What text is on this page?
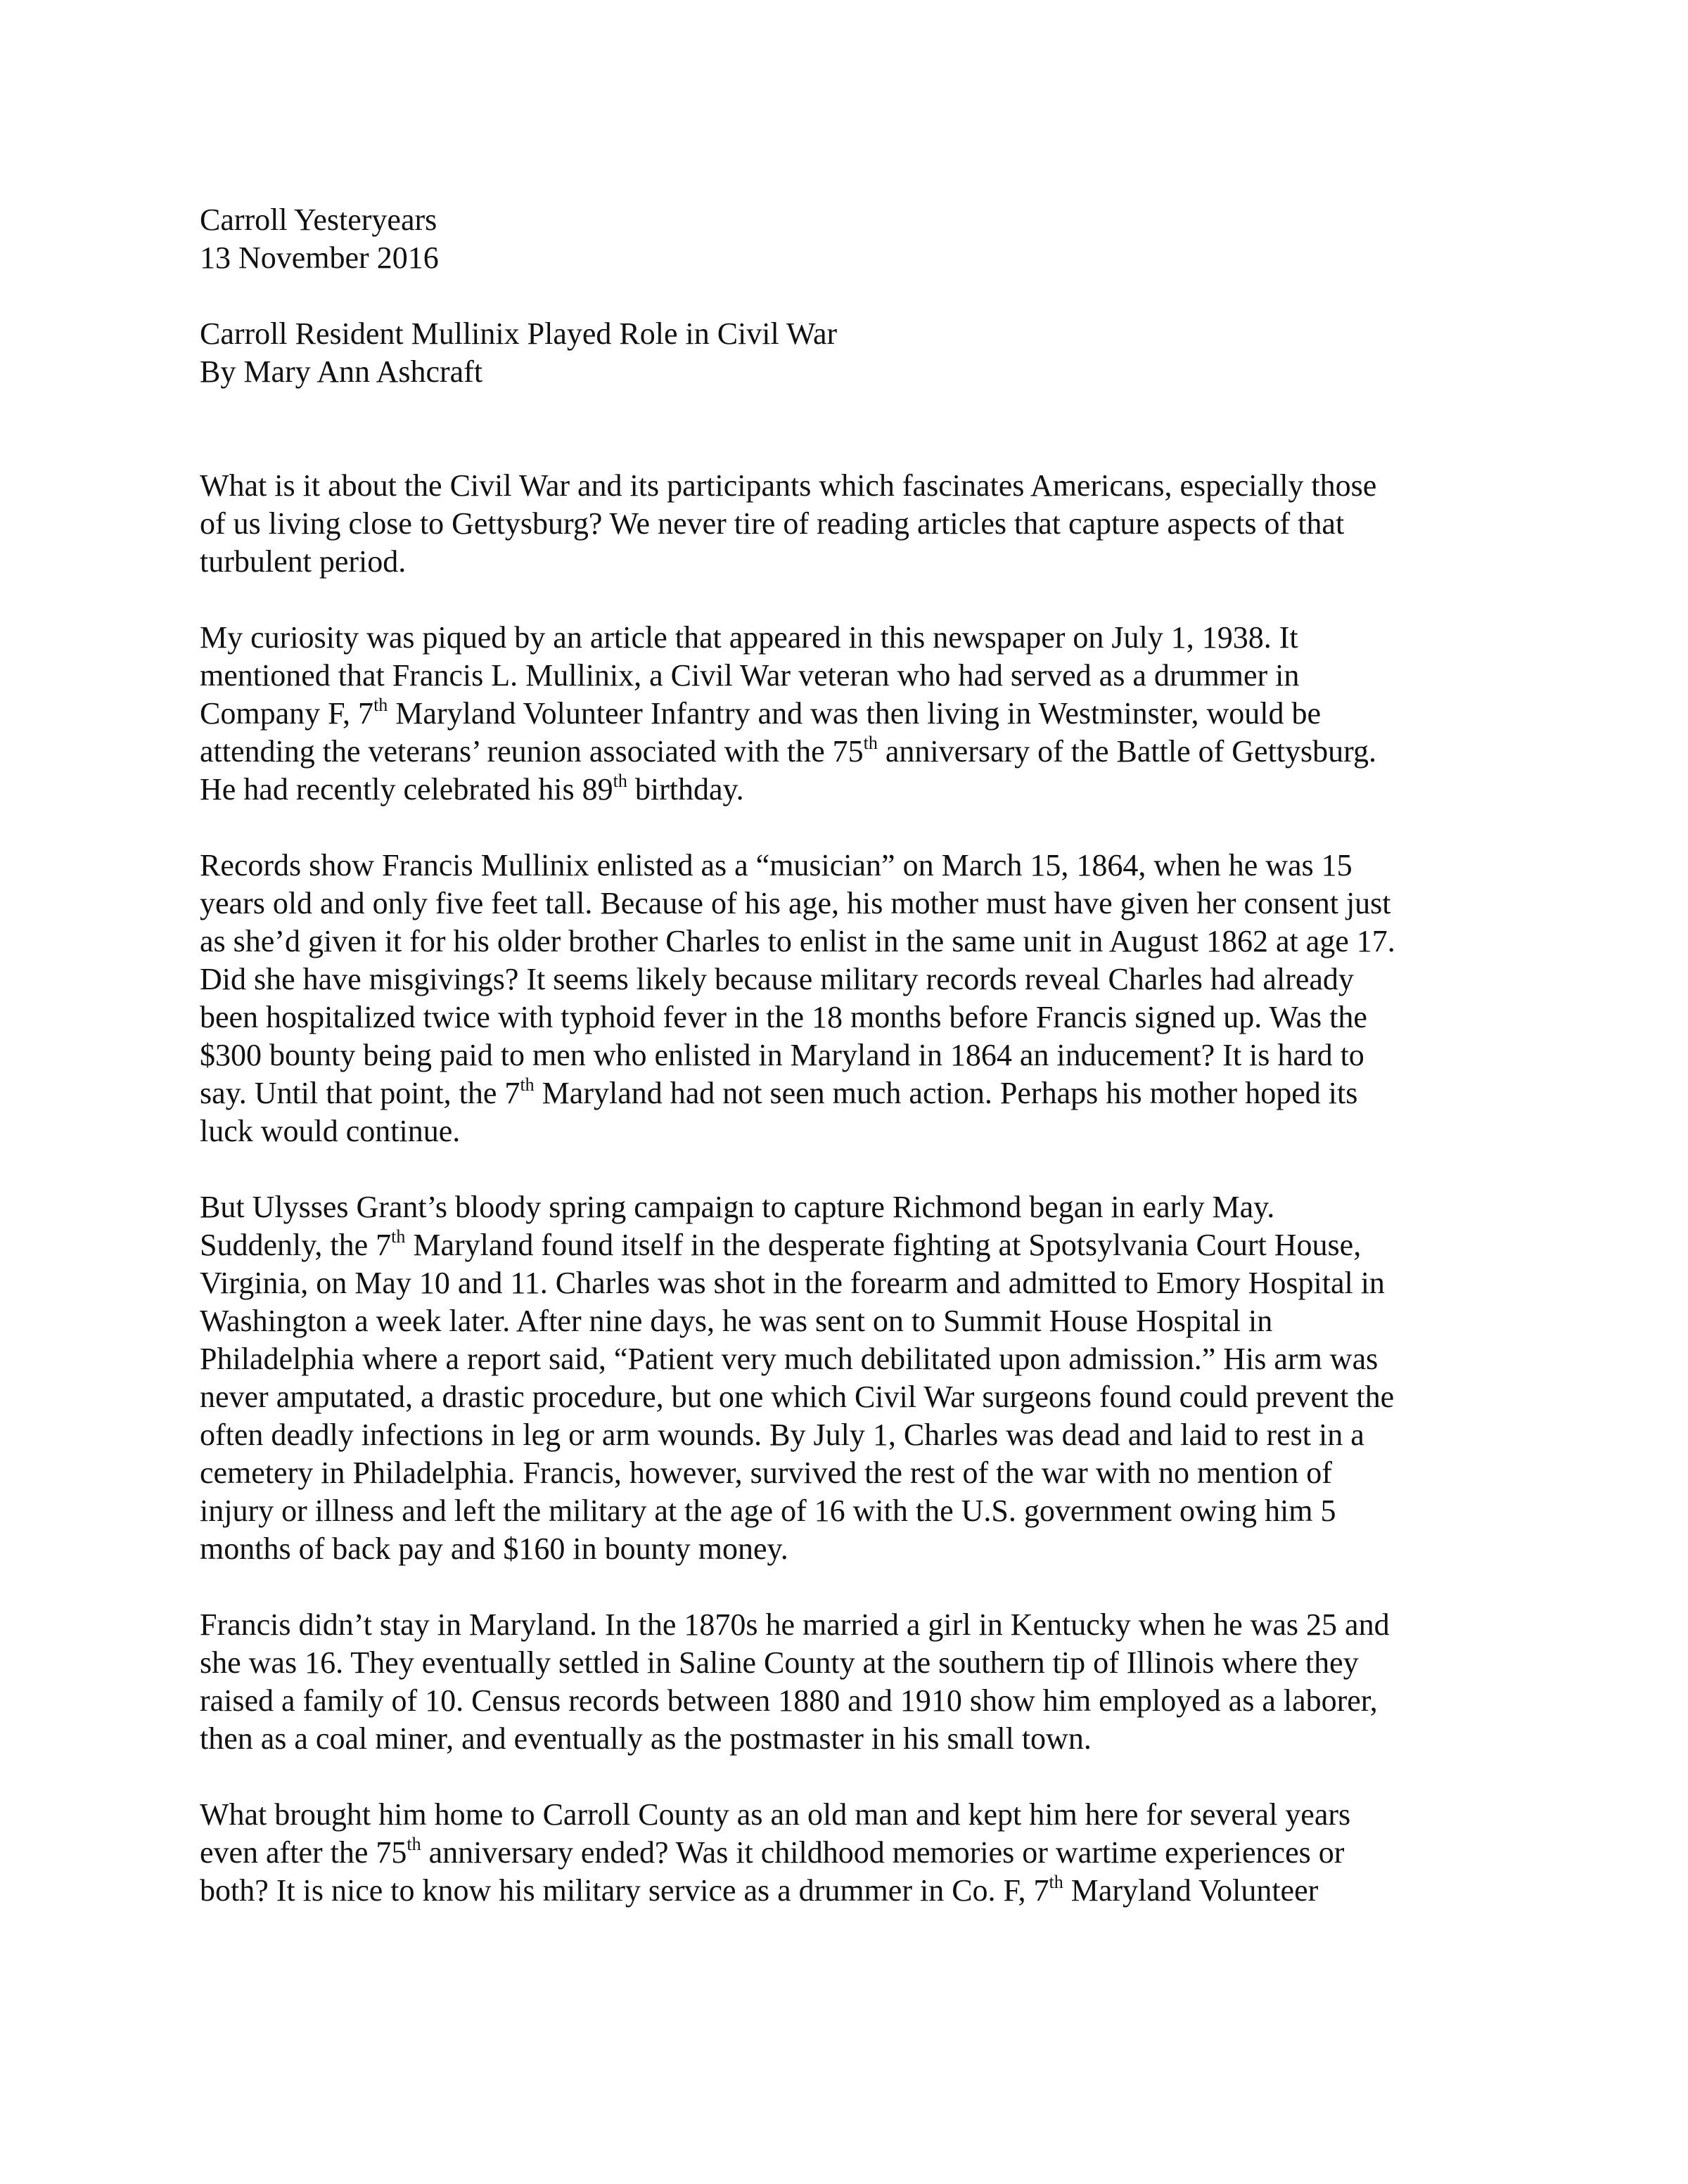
Carroll Yesteryears
13 November 2016
Carroll Resident Mullinix Played Role in Civil War
By Mary Ann Ashcraft
What is it about the Civil War and its participants which fascinates Americans, especially those
of us living close to Gettysburg? We never tire of reading articles that capture aspects of that
turbulent period.
My curiosity was piqued by an article that appeared in this newspaper on July 1, 1938. It
mentioned that Francis L. Mullinix, a Civil War veteran who had served as a drummer in
Company F, 7th Maryland Volunteer Infantry and was then living in Westminster, would be
attending the veterans’ reunion associated with the 75th anniversary of the Battle of Gettysburg.
He had recently celebrated his 89th birthday.
Records show Francis Mullinix enlisted as a “musician” on March 15, 1864, when he was 15
years old and only five feet tall. Because of his age, his mother must have given her consent just
as she’d given it for his older brother Charles to enlist in the same unit in August 1862 at age 17.
Did she have misgivings? It seems likely because military records reveal Charles had already
been hospitalized twice with typhoid fever in the 18 months before Francis signed up. Was the
$300 bounty being paid to men who enlisted in Maryland in 1864 an inducement? It is hard to
say. Until that point, the 7th Maryland had not seen much action. Perhaps his mother hoped its
luck would continue.
But Ulysses Grant’s bloody spring campaign to capture Richmond began in early May.
Suddenly, the 7th Maryland found itself in the desperate fighting at Spotsylvania Court House,
Virginia, on May 10 and 11. Charles was shot in the forearm and admitted to Emory Hospital in
Washington a week later. After nine days, he was sent on to Summit House Hospital in
Philadelphia where a report said, “Patient very much debilitated upon admission.” His arm was
never amputated, a drastic procedure, but one which Civil War surgeons found could prevent the
often deadly infections in leg or arm wounds. By July 1, Charles was dead and laid to rest in a
cemetery in Philadelphia. Francis, however, survived the rest of the war with no mention of
injury or illness and left the military at the age of 16 with the U.S. government owing him 5
months of back pay and $160 in bounty money.
Francis didn’t stay in Maryland. In the 1870s he married a girl in Kentucky when he was 25 and
she was 16. They eventually settled in Saline County at the southern tip of Illinois where they
raised a family of 10. Census records between 1880 and 1910 show him employed as a laborer,
then as a coal miner, and eventually as the postmaster in his small town.
What brought him home to Carroll County as an old man and kept him here for several years
even after the 75th anniversary ended? Was it childhood memories or wartime experiences or
both? It is nice to know his military service as a drummer in Co. F, 7th Maryland Volunteer
